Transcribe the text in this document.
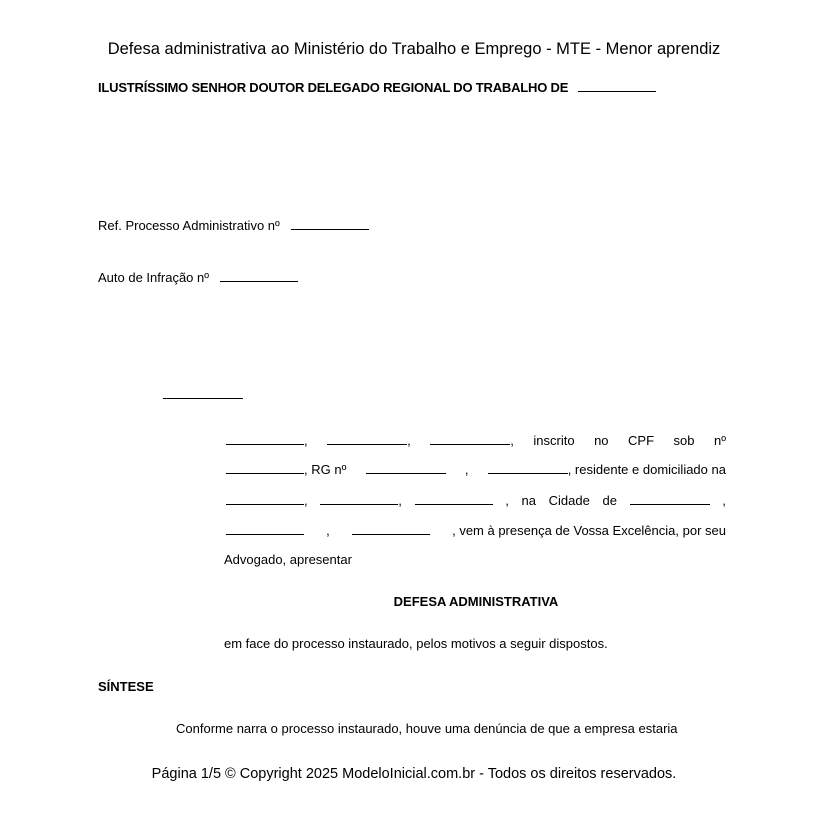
Defesa administrativa ao Ministério do Trabalho e Emprego - MTE - Menor aprendiz
ILUSTRÍSSIMO SENHOR DOUTOR DELEGADO REGIONAL DO TRABALHO DE
Ref. Processo Administrativo nº
Auto de Infração nº
,	,	, inscrito no CPF sob nº
, RG nº	,	, residente e domiciliado na
,	,	, na Cidade de	,
,	, vem à presença de Vossa Excelência, por seu
Advogado, apresentar
DEFESA ADMINISTRATIVA
em face do processo instaurado, pelos motivos a seguir dispostos.
SÍNTESE
Conforme narra o processo instaurado, houve uma denúncia de que a empresa estaria
Página 1/5 © Copyright 2025 ModeloInicial.com.br - Todos os direitos reservados.
